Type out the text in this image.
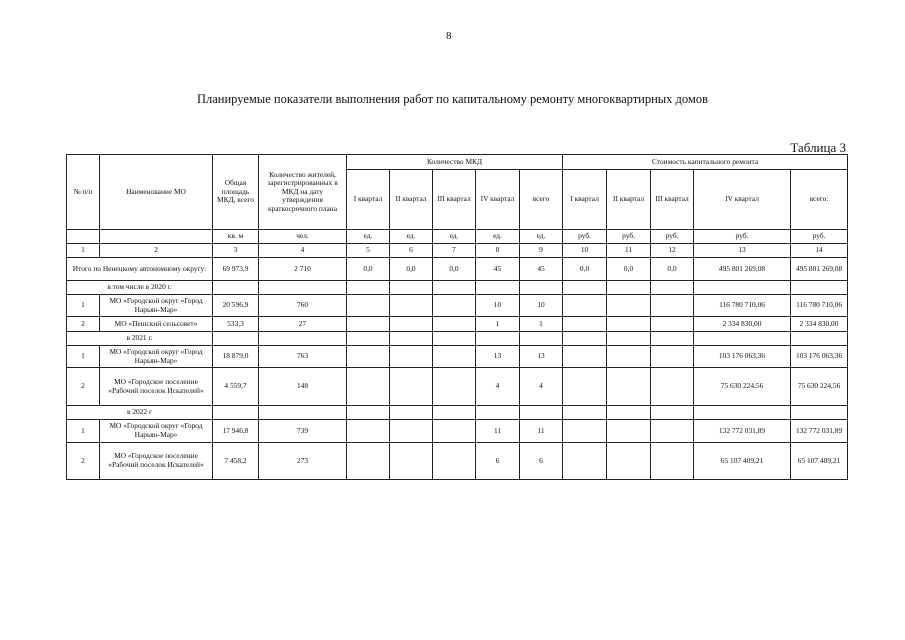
8
Планируемые показатели выполнения работ по капитальному ремонту многоквартирных домов
Таблица 3
№ п/п	Наименование МО	Общая площадь МКД, всего	Количество жителей, зарегистрированных в МКД на дату утверждения краткосрочного плана	Количество МКД					Стоимость капитального ремонта				
				I квартал	II квартал	III квартал	IV квартал	всего	I квартал	II квартал	III квартал	IV квартал	всего:
		кв. м	чел.	ед.	ед.	ед.	ед.	ед.	руб.	руб.	руб.	руб.	руб.
1	2	3	4	5	6	7	8	9	10	11	12	13	14
Итого по Ненецкому автономному округу:		69 973,9	2 710	0,0	0,0	0,0	45	45	0,0	0,0	0,0	495 801 269,08	495 801 269,08
в том числе в 2020 г.													
1	МО «Городской округ «Город Нарьян-Мар»	20 596,9	760				10	10				116 780 710,06	116 780 710,06
2	МО «Пешский сельсовет»	533,3	27				1	1				2 334 830,00	2 334 830,00
в 2021 г.													
1	МО «Городской округ «Город Нарьян-Мар»	18 879,0	763				13	13				103 176 063,36	103 176 063,36
2	МО «Городское поселение «Рабочий поселок Искателей»	4 559,7	148				4	4				75 630 224,56	75 630 224,56
в 2022 г													
1	МО «Городской округ «Город Нарьян-Мар»	17 946,8	739				11	11				132 772 031,89	132 772 031,89
2	МО «Городское поселение «Рабочий поселок Искателей»	7 458,2	273				6	6				65 107 409,21	65 107 409,21
